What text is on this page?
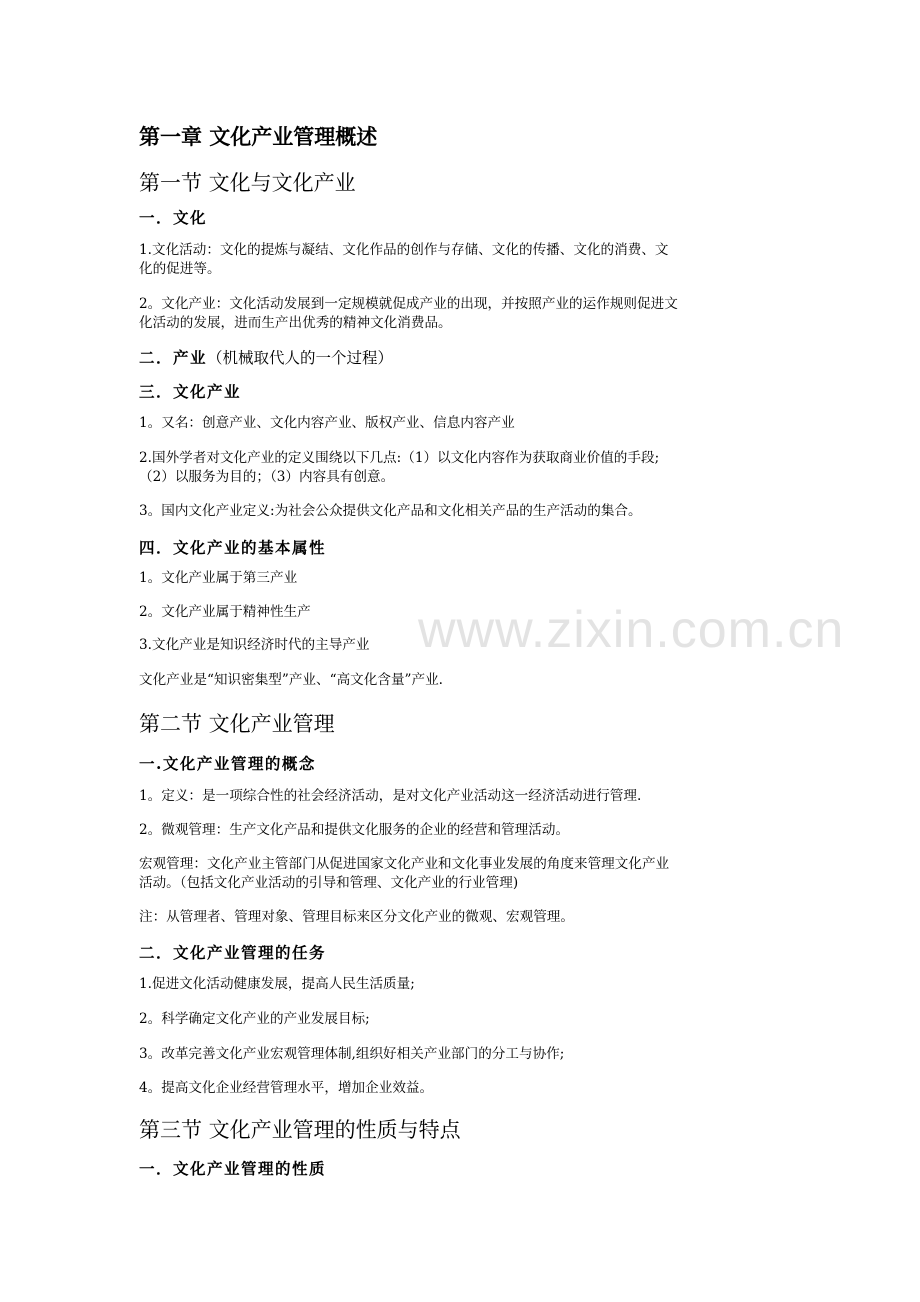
www.zixin.com.cn
第一章 文化产业管理概述
第一节 文化与文化产业
一．文化
1.文化活动：文化的提炼与凝结、文化作品的创作与存储、文化的传播、文化的消费、文
化的促进等。
2。文化产业：文化活动发展到一定规模就促成产业的出现，并按照产业的运作规则促进文
化活动的发展，进而生产出优秀的精神文化消费品。
二．产业（机械取代人的一个过程）
三．文化产业
1。又名：创意产业、文化内容产业、版权产业、信息内容产业
2.国外学者对文化产业的定义围绕以下几点:（1）以文化内容作为获取商业价值的手段;
（2）以服务为目的；（3）内容具有创意。
3。国内文化产业定义:为社会公众提供文化产品和文化相关产品的生产活动的集合。
四．文化产业的基本属性
1。文化产业属于第三产业
2。文化产业属于精神性生产
3.文化产业是知识经济时代的主导产业
文化产业是“知识密集型”产业、“高文化含量”产业.
第二节 文化产业管理
一.文化产业管理的概念
1。定义：是一项综合性的社会经济活动，是对文化产业活动这一经济活动进行管理.
2。微观管理：生产文化产品和提供文化服务的企业的经营和管理活动。
宏观管理：文化产业主管部门从促进国家文化产业和文化事业发展的角度来管理文化产业
活动。（包括文化产业活动的引导和管理、文化产业的行业管理)
注：从管理者、管理对象、管理目标来区分文化产业的微观、宏观管理。
二．文化产业管理的任务
1.促进文化活动健康发展，提高人民生活质量;
2。科学确定文化产业的产业发展目标;
3。改革完善文化产业宏观管理体制,组织好相关产业部门的分工与协作;
4。提高文化企业经营管理水平，增加企业效益。
第三节 文化产业管理的性质与特点
一．文化产业管理的性质
